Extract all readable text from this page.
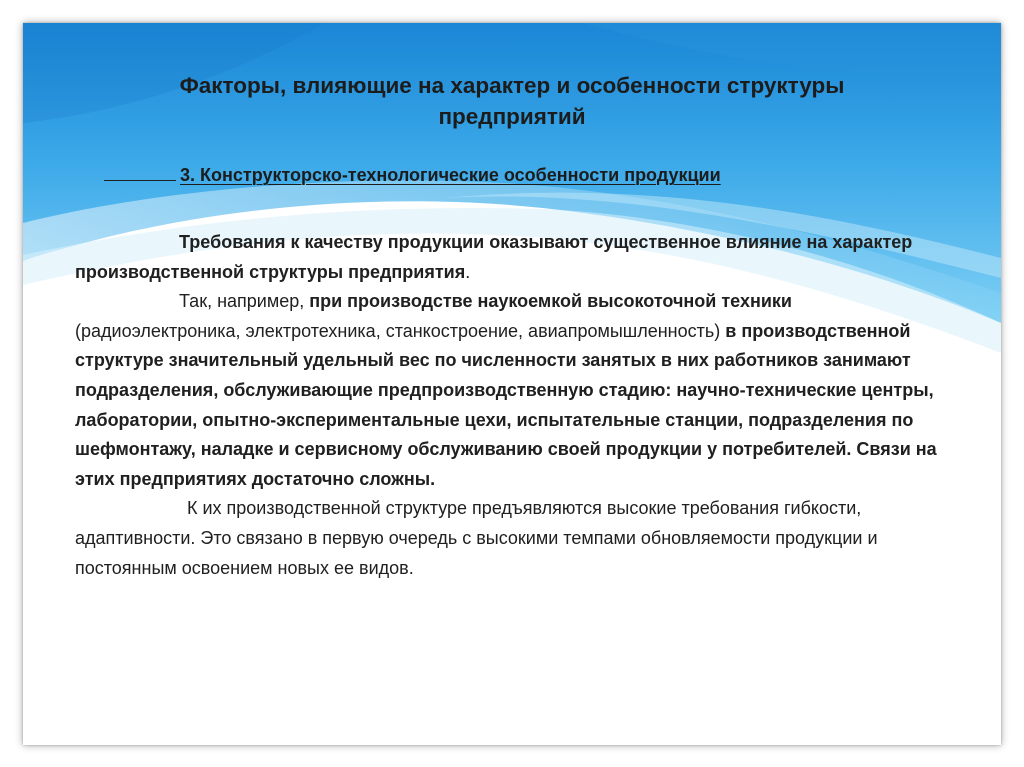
Факторы, влияющие на характер и особенности структуры
предприятий
3. Конструкторско-технологические особенности продукции

Требования к качеству продукции оказывают существенное влияние на характер производственной структуры предприятия.

Так, например, при производстве наукоемкой высокоточной техники (радиоэлектроника, электротехника, станкостроение, авиапромышленность) в производственной структуре значительный удельный вес по численности занятых в них работников занимают подразделения, обслуживающие предпроизводственную стадию: научно-технические центры, лаборатории, опытно-экспериментальные цехи, испытательные станции, подразделения по шефмонтажу, наладке и сервисному обслуживанию своей продукции у потребителей. Связи на этих предприятиях достаточно сложны.

К их производственной структуре предъявляются высокие требования гибкости, адаптивности. Это связано в первую очередь с высокими темпами обновляемости продукции и постоянным освоением новых ее видов.
